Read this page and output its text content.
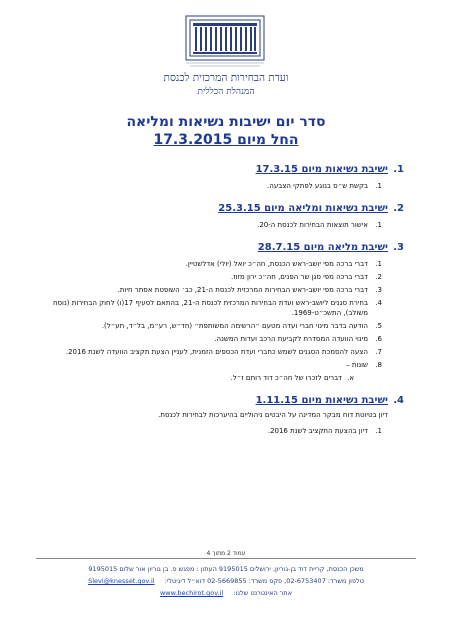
ועדת הבחירות המרכזית לכנסת
המנהלת הכללית
סדר יום ישיבות נשיאות ומליאה
החל מיום 17.3.2015
1.
ישיבת נשיאות מיום 17.3.15
1.
בקשת ש״ס בנוגע לפתקי הצבעה.
2.
ישיבת נשיאות ומליאה מיום 25.3.15
1.
אישור תוצאות הבחירות לכנסת ה-20.
3.
ישיבת מליאה מיום 28.7.15
1.
דברי ברכה מפי יושב-ראש הכנסת, חה״כ יואל (יולי) אדלשטיין.
2.
דברי ברכה מפי סגן שר הפנים, חה״כ ירון מזוז.
3.
דברי ברכה מפי יושב-ראש הבחירות המרכזית לכנסת ה-21, כב׳ השופטת אסתר חיות.
4.
בחירת סגנים ליושב-ראש ועדת הבחירות המרכזית לכנסת ה-21, בהתאם לסעיף 17(ו) לחוק הבחירות (נוסח משולב), התשכ״ט-1969.
5.
הודעה בדבר מינוי חברי ועדה מטעם ״הרשימה המשותפת״ (חד״ש, רע״מ, בל״ד, תע״ל).
6.
מינוי הוועדה המסדרת לקביעת הרכב ועדות המשנה.
7.
הצעה להסמכת הסגנים לשמש כחברי ועדת הכספים הזמנית, לעניין הצעת תקציב הוועדה לשנת 2016.
8.
שונות –
א.
דברים לזכרו של חה״כ דוד רותם ז״ל.
4.
ישיבת נשיאות מיום 1.11.15
דיון בטיוטת דוח מבקר המדינה על היבטים ניהוליים בהיערכות לבחירות לכנסת.
1.
דיון בהצעת התקציב לשנת 2016.
עמוד 2 מתוך 4
משכן הכנסת, קריית דוד בן-גוריון, ירושלים 9195015 העתון : מפגש פ. בן גוריון אור שלום 9195015
טלפון משרד: 02-6753407, פקס משרד: 02-5669855 דוא״ל דיגיטלי:  Slevi@knesset.gov.il
אתר האינטרנט שלנו:  www.bechirot.gov.il
